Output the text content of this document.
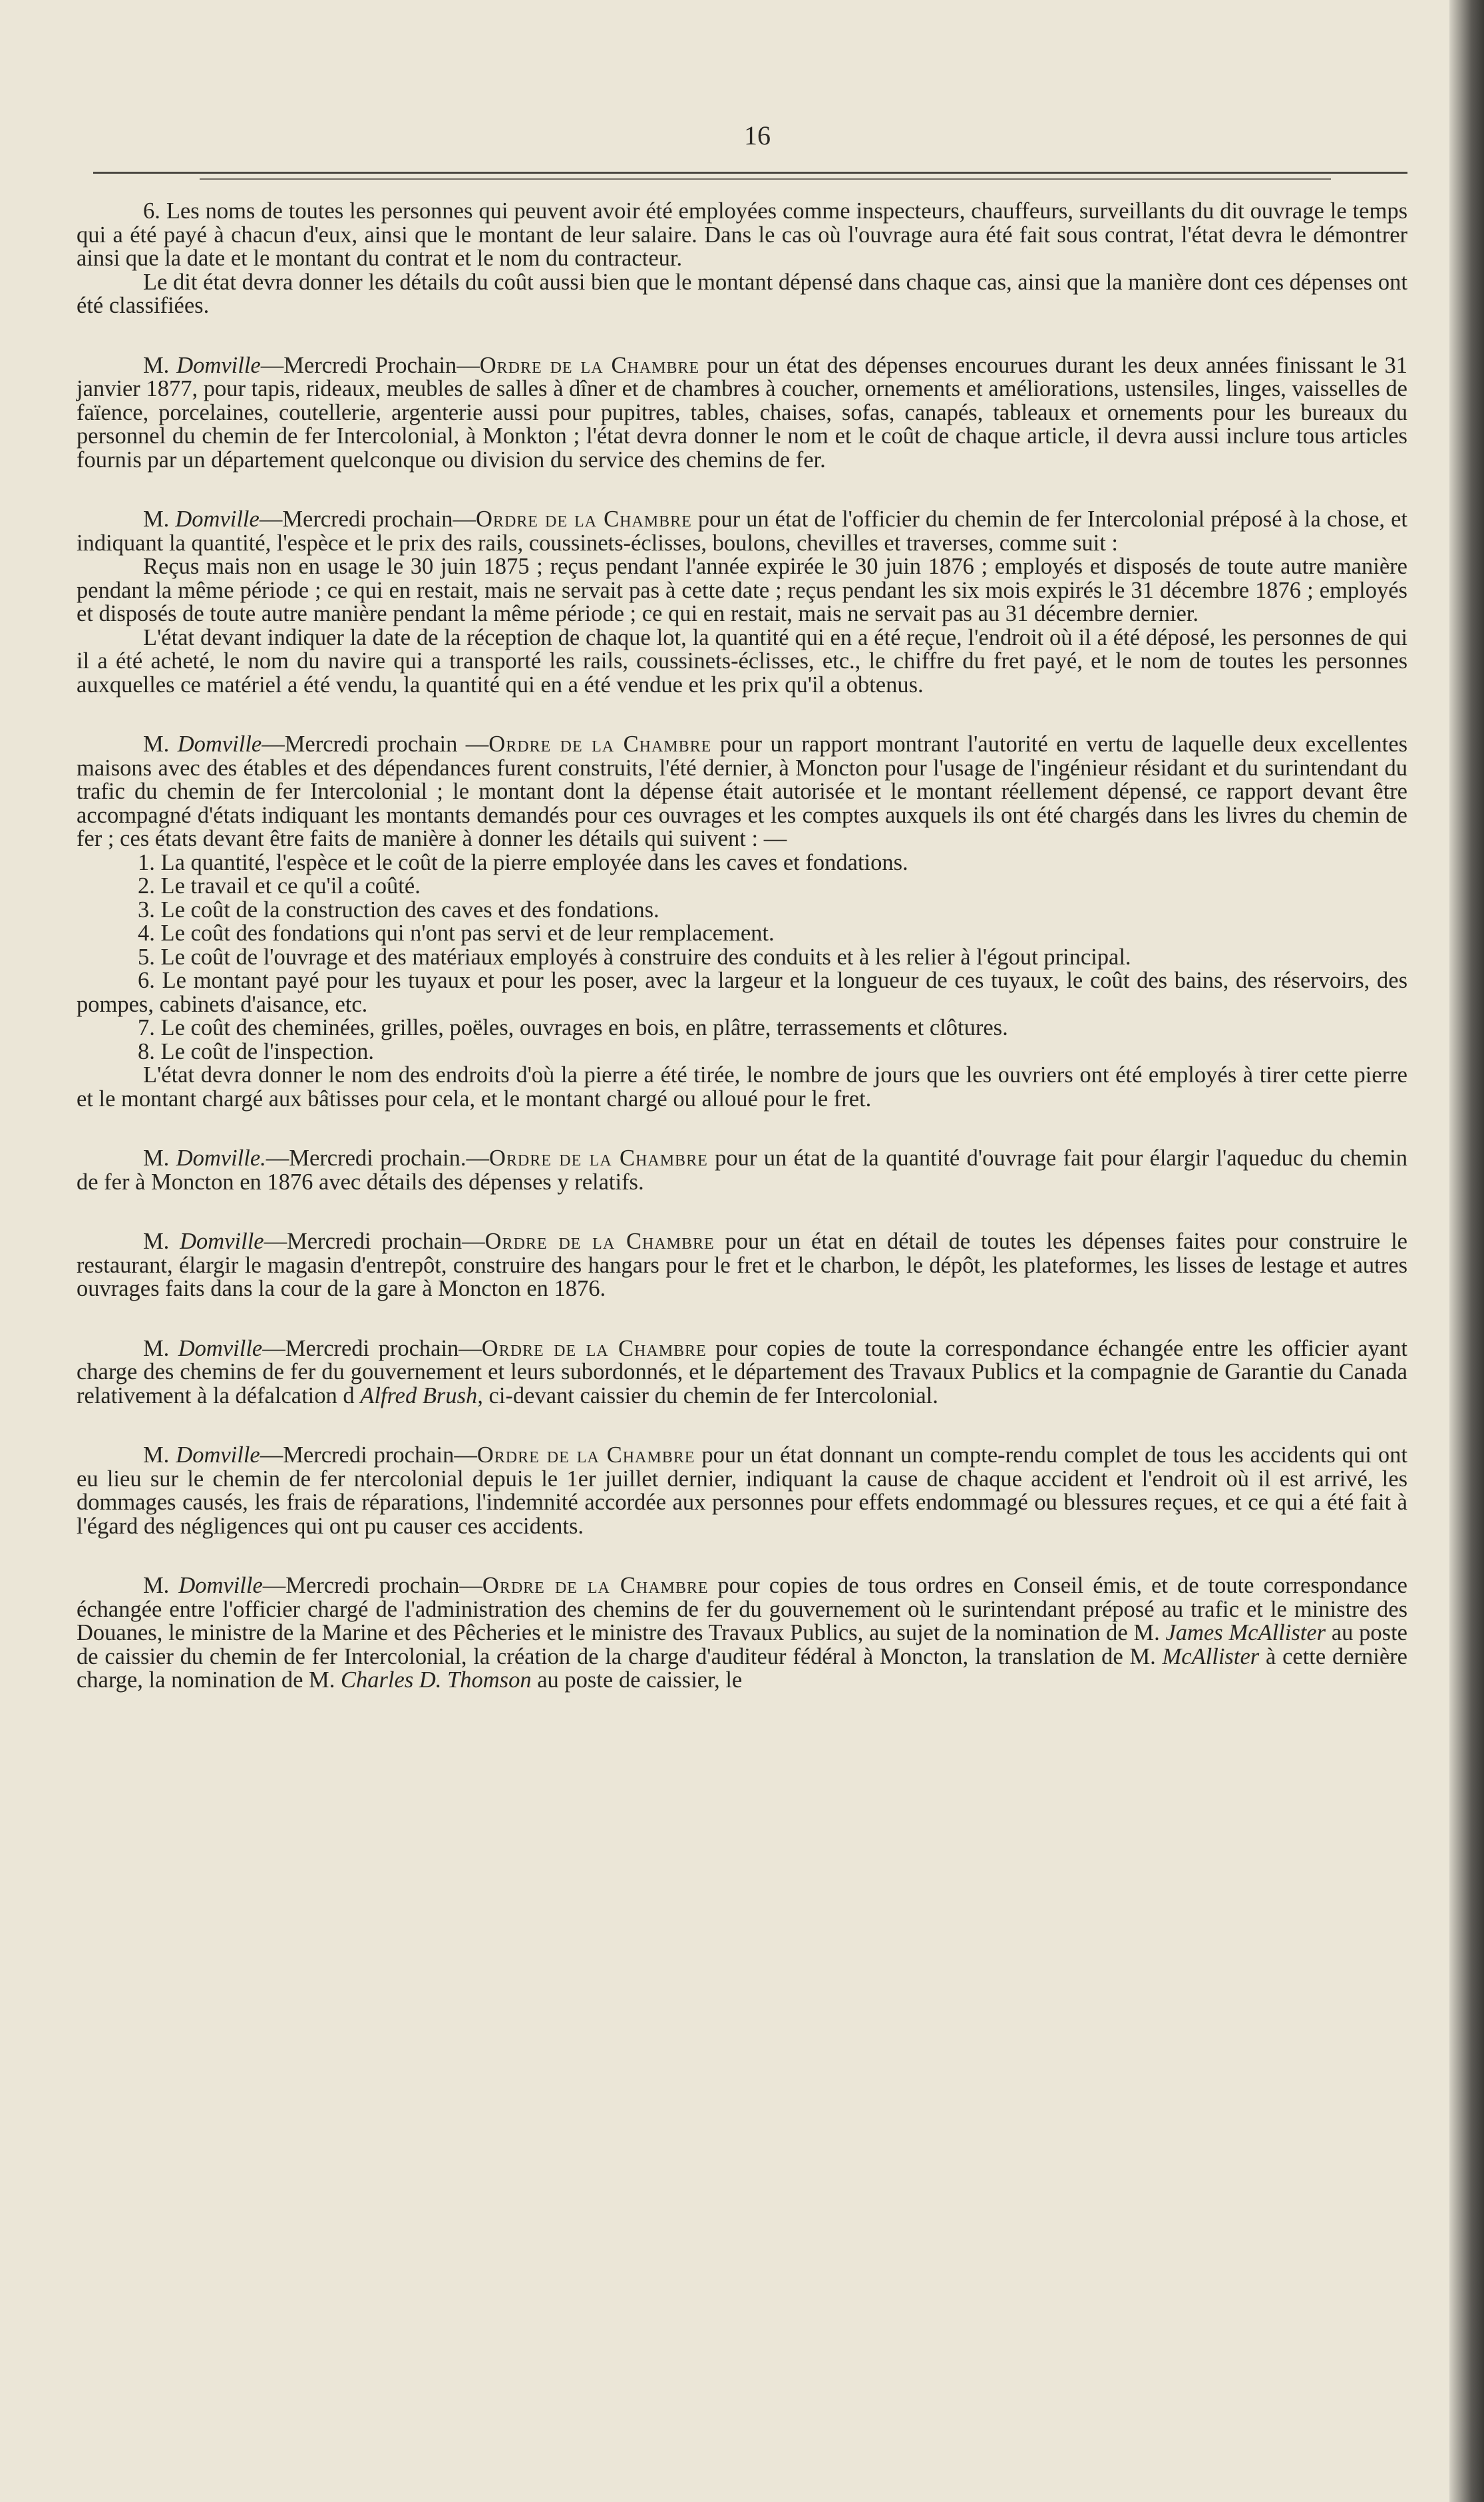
16

6. Les noms de toutes les personnes qui peuvent avoir été employées comme inspecteurs, chauffeurs, surveillants du dit ouvrage le temps qui a été payé à chacun d'eux, ainsi que le montant de leur salaire. Dans le cas où l'ouvrage aura été fait sous contrat, l'état devra le démontrer ainsi que la date et le montant du contrat et le nom du contracteur.

Le dit état devra donner les détails du coût aussi bien que le montant dépensé dans chaque cas, ainsi que la manière dont ces dépenses ont été classifiées.

M. Domville—Mercredi Prochain—Ordre de la Chambre pour un état des dépenses encourues durant les deux années finissant le 31 janvier 1877, pour tapis, rideaux, meubles de salles à dîner et de chambres à coucher, ornements et améliorations, ustensiles, linges, vaisselles de faïence, porcelaines, coutellerie, argenterie aussi pour pupitres, tables, chaises, sofas, canapés, tableaux et ornements pour les bureaux du personnel du chemin de fer Intercolonial, à Monkton ; l'état devra donner le nom et le coût de chaque article, il devra aussi inclure tous articles fournis par un département quelconque ou division du service des chemins de fer.

M. Domville—Mercredi prochain—Ordre de la Chambre pour un état de l'officier du chemin de fer Intercolonial préposé à la chose, et indiquant la quantité, l'espèce et le prix des rails, coussinets-éclisses, boulons, chevilles et traverses, comme suit :

Reçus mais non en usage le 30 juin 1875 ; reçus pendant l'année expirée le 30 juin 1876 ; employés et disposés de toute autre manière pendant la même période ; ce qui en restait, mais ne servait pas à cette date ; reçus pendant les six mois expirés le 31 décembre 1876 ; employés et disposés de toute autre manière pendant la même période ; ce qui en restait, mais ne servait pas au 31 décembre dernier.

L'état devant indiquer la date de la réception de chaque lot, la quantité qui en a été reçue, l'endroit où il a été déposé, les personnes de qui il a été acheté, le nom du navire qui a transporté les rails, coussinets-éclisses, etc., le chiffre du fret payé, et le nom de toutes les personnes auxquelles ce matériel a été vendu, la quantité qui en a été vendue et les prix qu'il a obtenus.

M. Domville—Mercredi prochain —Ordre de la Chambre pour un rapport montrant l'autorité en vertu de laquelle deux excellentes maisons avec des étables et des dépendances furent construits, l'été dernier, à Moncton pour l'usage de l'ingénieur résidant et du surintendant du trafic du chemin de fer Intercolonial ; le montant dont la dépense était autorisée et le montant réellement dépensé, ce rapport devant être accompagné d'états indiquant les montants demandés pour ces ouvrages et les comptes auxquels ils ont été chargés dans les livres du chemin de fer ; ces états devant être faits de manière à donner les détails qui suivent : —

1. La quantité, l'espèce et le coût de la pierre employée dans les caves et fondations.

2. Le travail et ce qu'il a coûté.

3. Le coût de la construction des caves et des fondations.

4. Le coût des fondations qui n'ont pas servi et de leur remplacement.

5. Le coût de l'ouvrage et des matériaux employés à construire des conduits et à les relier à l'égout principal.

6. Le montant payé pour les tuyaux et pour les poser, avec la largeur et la longueur de ces tuyaux, le coût des bains, des réservoirs, des pompes, cabinets d'aisance, etc.

7. Le coût des cheminées, grilles, poëles, ouvrages en bois, en plâtre, terrassements et clôtures.

8. Le coût de l'inspection.

L'état devra donner le nom des endroits d'où la pierre a été tirée, le nombre de jours que les ouvriers ont été employés à tirer cette pierre et le montant chargé aux bâtisses pour cela, et le montant chargé ou alloué pour le fret.

M. Domville.—Mercredi prochain.—Ordre de la Chambre pour un état de la quantité d'ouvrage fait pour élargir l'aqueduc du chemin de fer à Moncton en 1876 avec détails des dépenses y relatifs.

M. Domville—Mercredi prochain—Ordre de la Chambre pour un état en détail de toutes les dépenses faites pour construire le restaurant, élargir le magasin d'entrepôt, construire des hangars pour le fret et le charbon, le dépôt, les plateformes, les lisses de lestage et autres ouvrages faits dans la cour de la gare à Moncton en 1876.

M. Domville—Mercredi prochain—Ordre de la Chambre pour copies de toute la correspondance échangée entre les officier ayant charge des chemins de fer du gouvernement et leurs subordonnés, et le département des Travaux Publics et la compagnie de Garantie du Canada relativement à la défalcation d Alfred Brush, ci-devant caissier du chemin de fer Intercolonial.

M. Domville—Mercredi prochain—Ordre de la Chambre pour un état donnant un compte-rendu complet de tous les accidents qui ont eu lieu sur le chemin de fer ntercolonial depuis le 1er juillet dernier, indiquant la cause de chaque accident et l'endroit où il est arrivé, les dommages causés, les frais de réparations, l'indemnité accordée aux personnes pour effets endommagé ou blessures reçues, et ce qui a été fait à l'égard des négligences qui ont pu causer ces accidents.

M. Domville—Mercredi prochain—Ordre de la Chambre pour copies de tous ordres en Conseil émis, et de toute correspondance échangée entre l'officier chargé de l'administration des chemins de fer du gouvernement où le surintendant préposé au trafic et le ministre des Douanes, le ministre de la Marine et des Pêcheries et le ministre des Travaux Publics, au sujet de la nomination de M. James McAllister au poste de caissier du chemin de fer Intercolonial, la création de la charge d'auditeur fédéral à Moncton, la translation de M. McAllister à cette dernière charge, la nomination de M. Charles D. Thomson au poste de caissier, le
